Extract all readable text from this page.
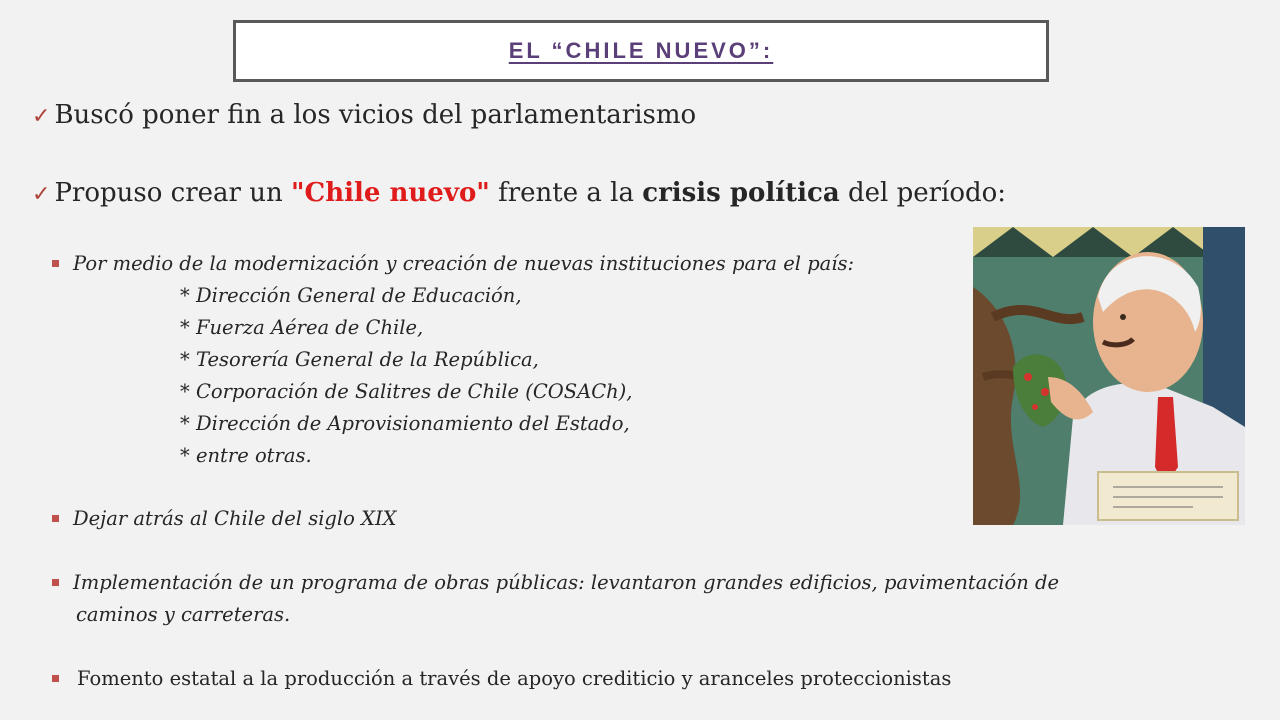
EL “CHILE NUEVO”:
✓ Buscó poner fin a los vicios del parlamentarismo
✓ Propuso crear un "Chile nuevo" frente a la crisis política del período:
Por medio de la modernización y creación de nuevas instituciones para el país:
* Dirección General de Educación,
* Fuerza Aérea de Chile,
* Tesorería General de la República,
* Corporación de Salitres de Chile (COSACh),
* Dirección de Aprovisionamiento del Estado,
* entre otras.
Dejar atrás al Chile del siglo XIX
Implementación de un programa de obras públicas: levantaron grandes edificios, pavimentación de
caminos y carreteras.
Fomento estatal a la producción a través de apoyo crediticio y aranceles proteccionistas
